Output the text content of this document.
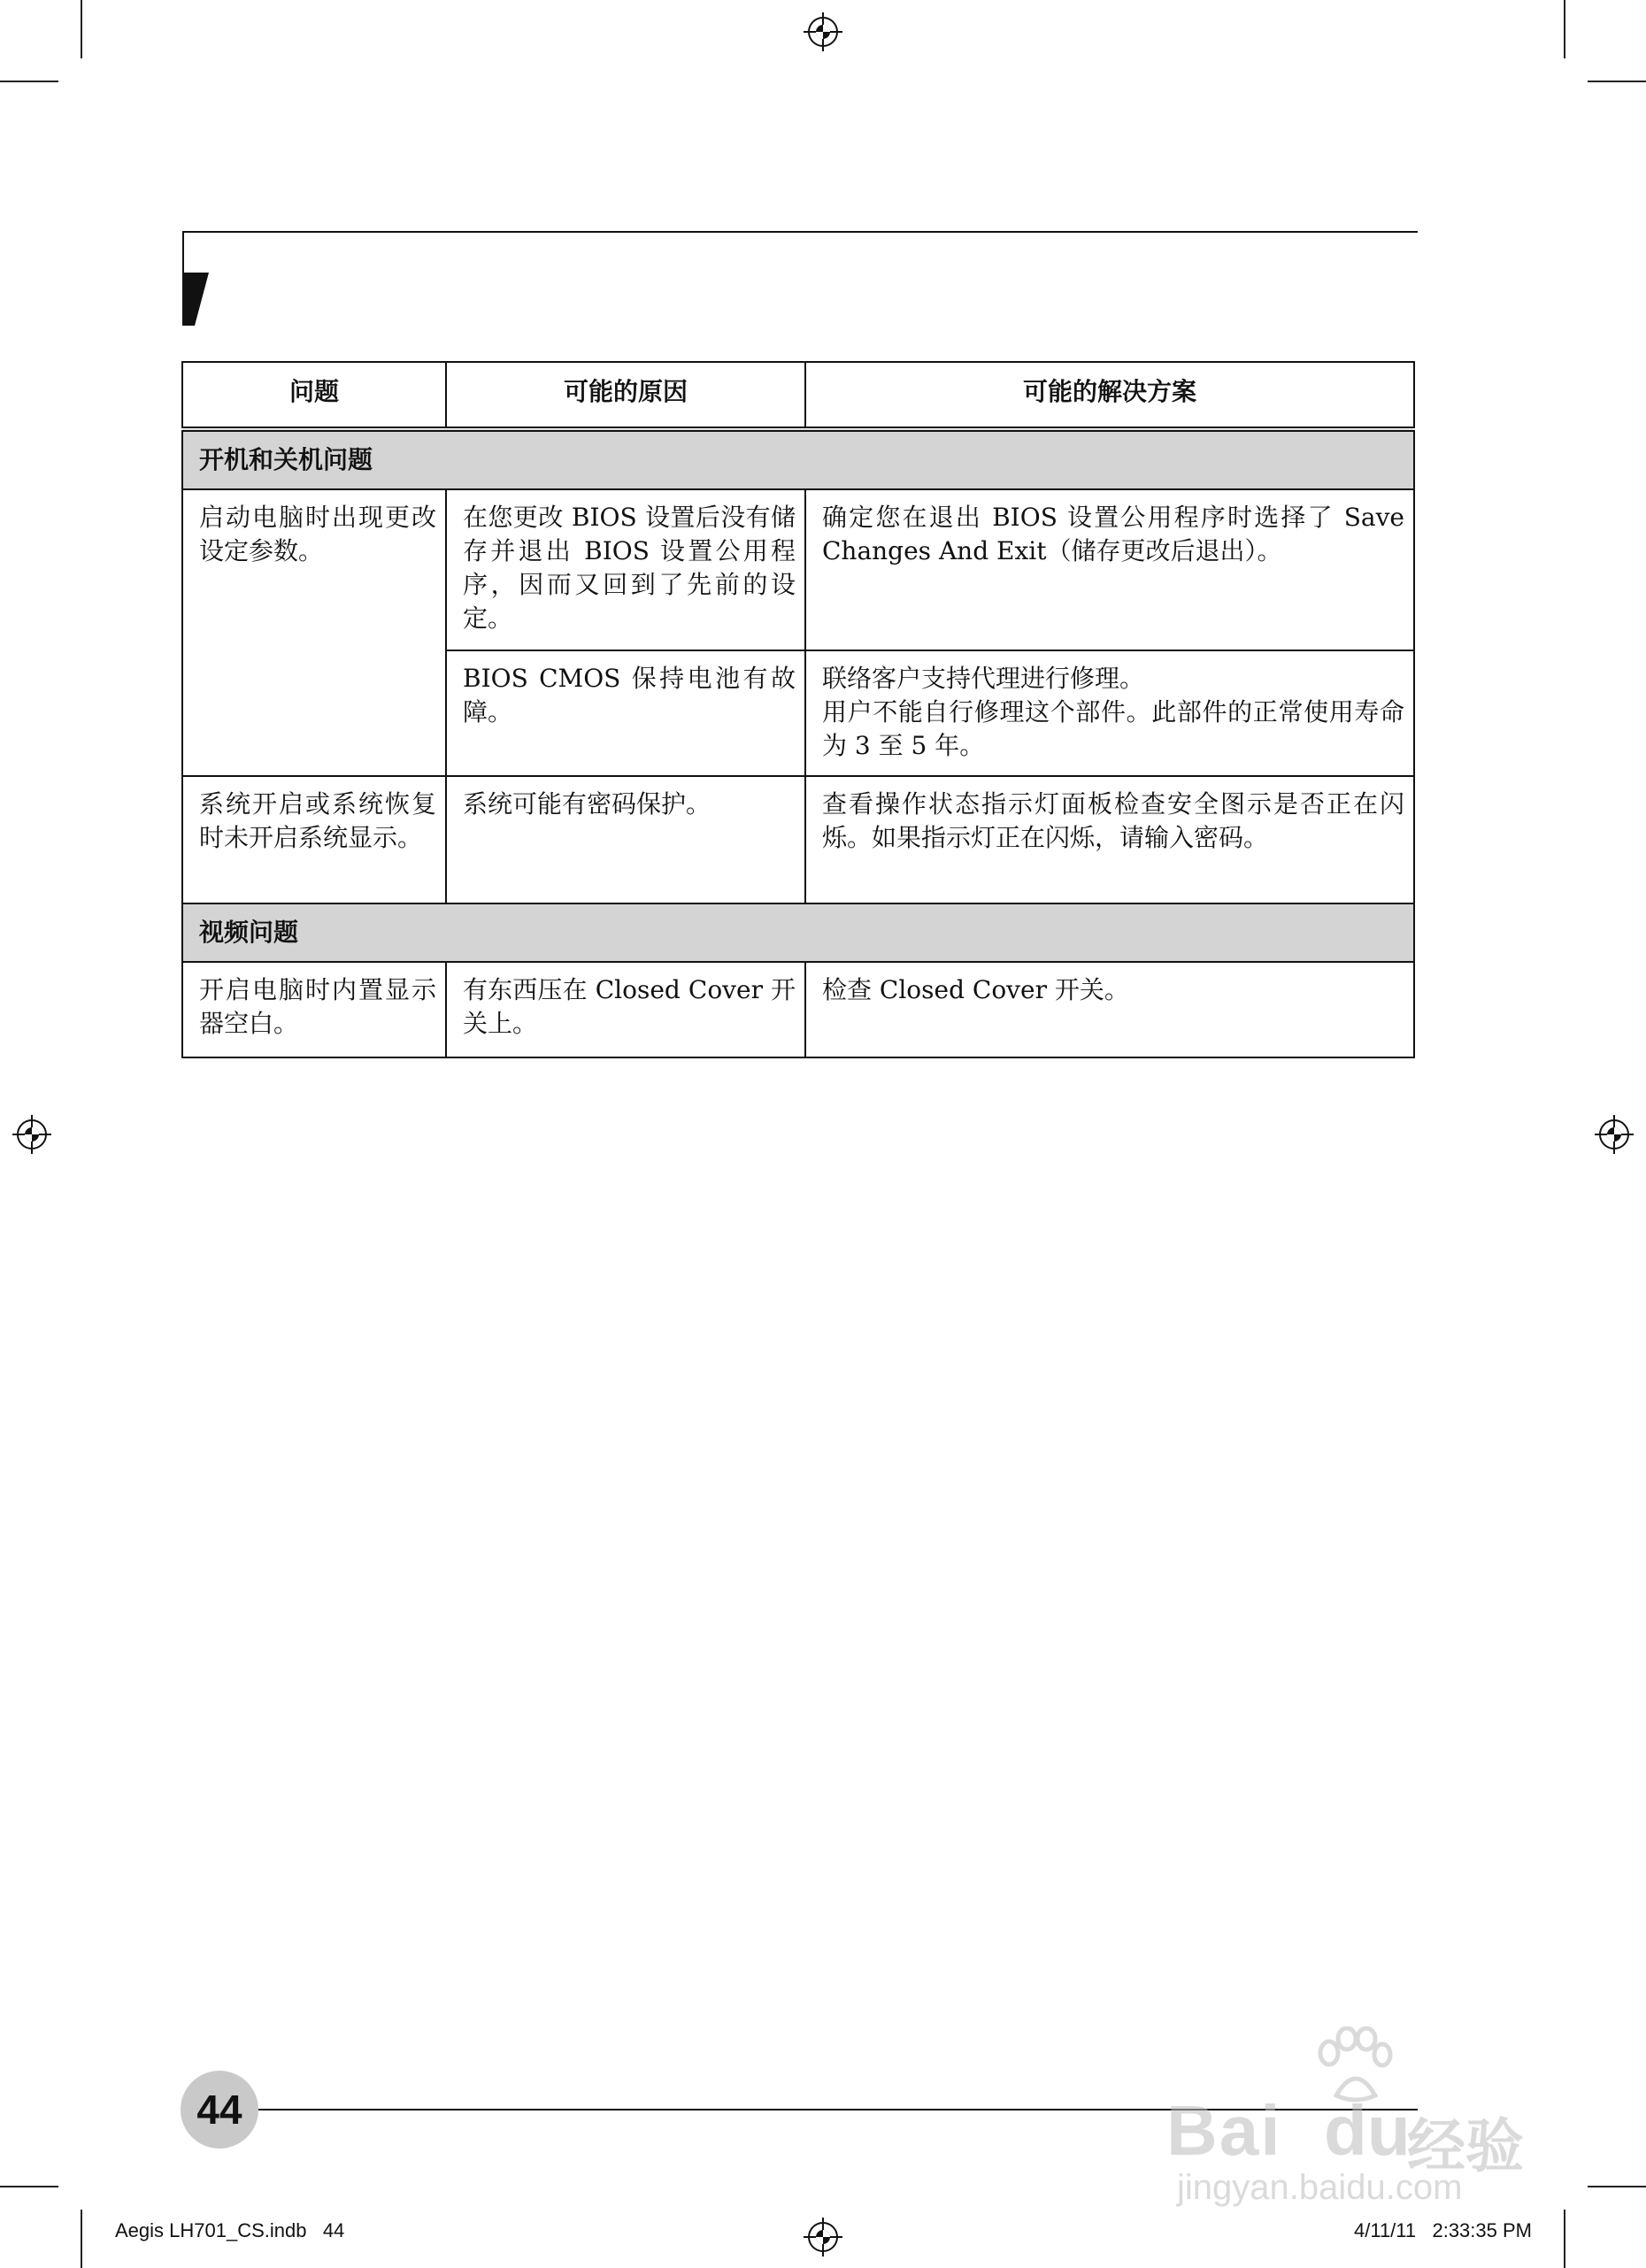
问题	可能的原因	可能的解决方案
开机和关机问题		
启动电脑时出现更改设定参数。	在您更改 BIOS 设置后没有储存并退出 BIOS 设置公用程序，因而又回到了先前的设定。	确定您在退出 BIOS 设置公用程序时选择了 Save Changes And Exit（储存更改后退出）。
	BIOS CMOS 保持电池有故障。	联络客户支持代理进行修理。
用户不能自行修理这个部件。此部件的正常使用寿命为 3 至 5 年。

系统开启或系统恢复时未开启系统显示。	系统可能有密码保护。	查看操作状态指示灯面板检查安全图示是否正在闪烁。如果指示灯正在闪烁，请输入密码。
视频问题		
开启电脑时内置显示器空白。	有东西压在 Closed Cover 开关上。	检查 Closed Cover 开关。
44
Aegis LH701_CS.indb   44	4/11/11   2:33:35 PM
Bai du
经验
jingyan.baidu.com
